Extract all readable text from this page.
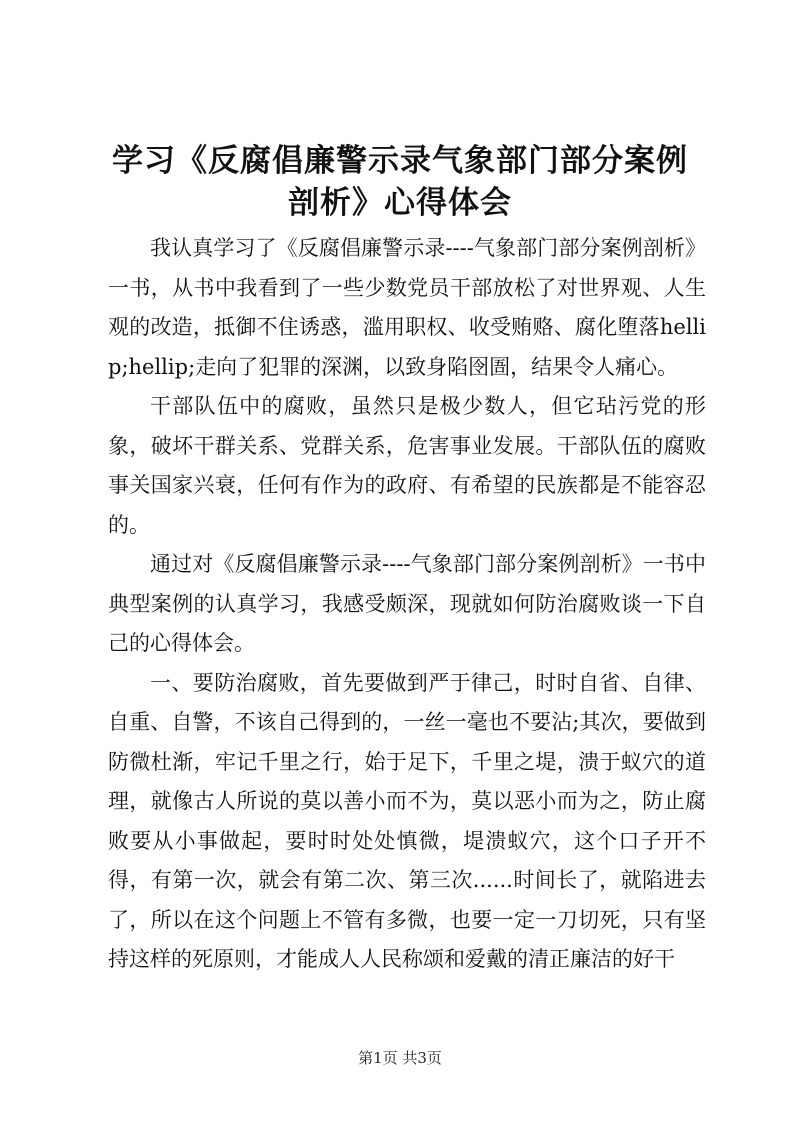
学习《反腐倡廉警示录气象部门部分案例剖析》心得体会

我认真学习了《反腐倡廉警示录----气象部门部分案例剖析》一书，从书中我看到了一些少数党员干部放松了对世界观、人生观的改造，抵御不住诱惑，滥用职权、收受贿赂、腐化堕落hellip;hellip;走向了犯罪的深渊，以致身陷囹圄，结果令人痛心。

干部队伍中的腐败，虽然只是极少数人，但它玷污党的形象，破坏干群关系、党群关系，危害事业发展。干部队伍的腐败事关国家兴衰，任何有作为的政府、有希望的民族都是不能容忍的。

通过对《反腐倡廉警示录----气象部门部分案例剖析》一书中典型案例的认真学习，我感受颇深，现就如何防治腐败谈一下自己的心得体会。

一、要防治腐败，首先要做到严于律己，时时自省、自律、自重、自警，不该自己得到的，一丝一毫也不要沾;其次，要做到防微杜渐，牢记千里之行，始于足下，千里之堤，溃于蚁穴的道理，就像古人所说的莫以善小而不为，莫以恶小而为之，防止腐败要从小事做起，要时时处处慎微，堤溃蚁穴，这个口子开不得，有第一次，就会有第二次、第三次......时间长了，就陷进去了，所以在这个问题上不管有多微，也要一定一刀切死，只有坚持这样的死原则，才能成人人民称颂和爱戴的清正廉洁的好干

第1页 共3页
